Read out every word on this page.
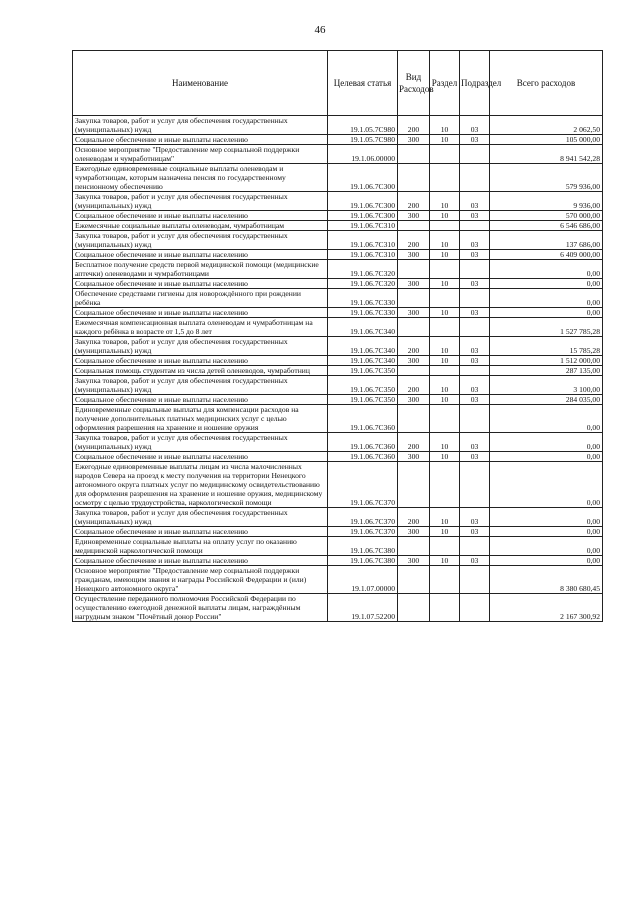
46
Наименование	Целевая статья	Вид Расходов	Раздел	Подраздел	Всего расходов
Закупка товаров, работ и услуг для обеспечения государственных (муниципальных) нужд	19.1.05.7С980	200	10	03	2 062,50
Социальное обеспечение и иные выплаты населению	19.1.05.7С980	300	10	03	105 000,00
Основное мероприятие "Предоставление мер социальной поддержки оленеводам и чумработницам"	19.1.06.00000				8 941 542,28
Ежегодные единовременные социальные выплаты оленеводам и чумработницам, которым назначена пенсия по государственному пенсионному обеспечению	19.1.06.7С300				579 936,00
Закупка товаров, работ и услуг для обеспечения государственных (муниципальных) нужд	19.1.06.7С300	200	10	03	9 936,00
Социальное обеспечение и иные выплаты населению	19.1.06.7С300	300	10	03	570 000,00
Ежемесячные социальные выплаты оленеводам, чумработницам	19.1.06.7С310				6 546 686,00
Закупка товаров, работ и услуг для обеспечения государственных (муниципальных) нужд	19.1.06.7С310	200	10	03	137 686,00
Социальное обеспечение и иные выплаты населению	19.1.06.7С310	300	10	03	6 409 000,00
Бесплатное получение средств первой медицинской помощи (медицинские аптечки) оленеводами и чумработницами	19.1.06.7С320				0,00
Социальное обеспечение и иные выплаты населению	19.1.06.7С320	300	10	03	0,00
Обеспечение средствами гигиены для новорождённого при рождении ребёнка	19.1.06.7С330				0,00
Социальное обеспечение и иные выплаты населению	19.1.06.7С330	300	10	03	0,00
Ежемесячная компенсационная выплата оленеводам и чумработницам на каждого ребёнка в возрасте от 1,5 до 8 лет	19.1.06.7С340				1 527 785,28
Закупка товаров, работ и услуг для обеспечения государственных (муниципальных) нужд	19.1.06.7С340	200	10	03	15 785,28
Социальное обеспечение и иные выплаты населению	19.1.06.7С340	300	10	03	1 512 000,00
Социальная помощь студентам из числа детей оленеводов, чумработниц	19.1.06.7С350				287 135,00
Закупка товаров, работ и услуг для обеспечения государственных (муниципальных) нужд	19.1.06.7С350	200	10	03	3 100,00
Социальное обеспечение и иные выплаты населению	19.1.06.7С350	300	10	03	284 035,00
Единовременные социальные выплаты для компенсации расходов на получение дополнительных платных медицинских услуг с целью оформления разрешения на хранение и ношение оружия	19.1.06.7С360				0,00
Закупка товаров, работ и услуг для обеспечения государственных (муниципальных) нужд	19.1.06.7С360	200	10	03	0,00
Социальное обеспечение и иные выплаты населению	19.1.06.7С360	300	10	03	0,00
Ежегодные единовременные выплаты лицам из числа малочисленных народов Севера на проезд к месту получения на территории Ненецкого автономного округа платных услуг по медицинскому освидетельствованию для оформления разрешения на хранение и ношение оружия, медицинскому осмотру с целью трудоустройства, наркологической помощи	19.1.06.7С370				0,00
Закупка товаров, работ и услуг для обеспечения государственных (муниципальных) нужд	19.1.06.7С370	200	10	03	0,00
Социальное обеспечение и иные выплаты населению	19.1.06.7С370	300	10	03	0,00
Единовременные социальные выплаты на оплату услуг по оказанию медицинской наркологической помощи	19.1.06.7С380				0,00
Социальное обеспечение и иные выплаты населению	19.1.06.7С380	300	10	03	0,00
Основное мероприятие "Предоставление мер социальной поддержки гражданам, имеющим звания и награды Российской Федерации и (или) Ненецкого автономного округа"	19.1.07.00000				8 380 680,45
Осуществление переданного полномочия Российской Федерации по осуществлению ежегодной денежной выплаты лицам, награждённым нагрудным знаком "Почётный донор России"	19.1.07.52200				2 167 300,92
